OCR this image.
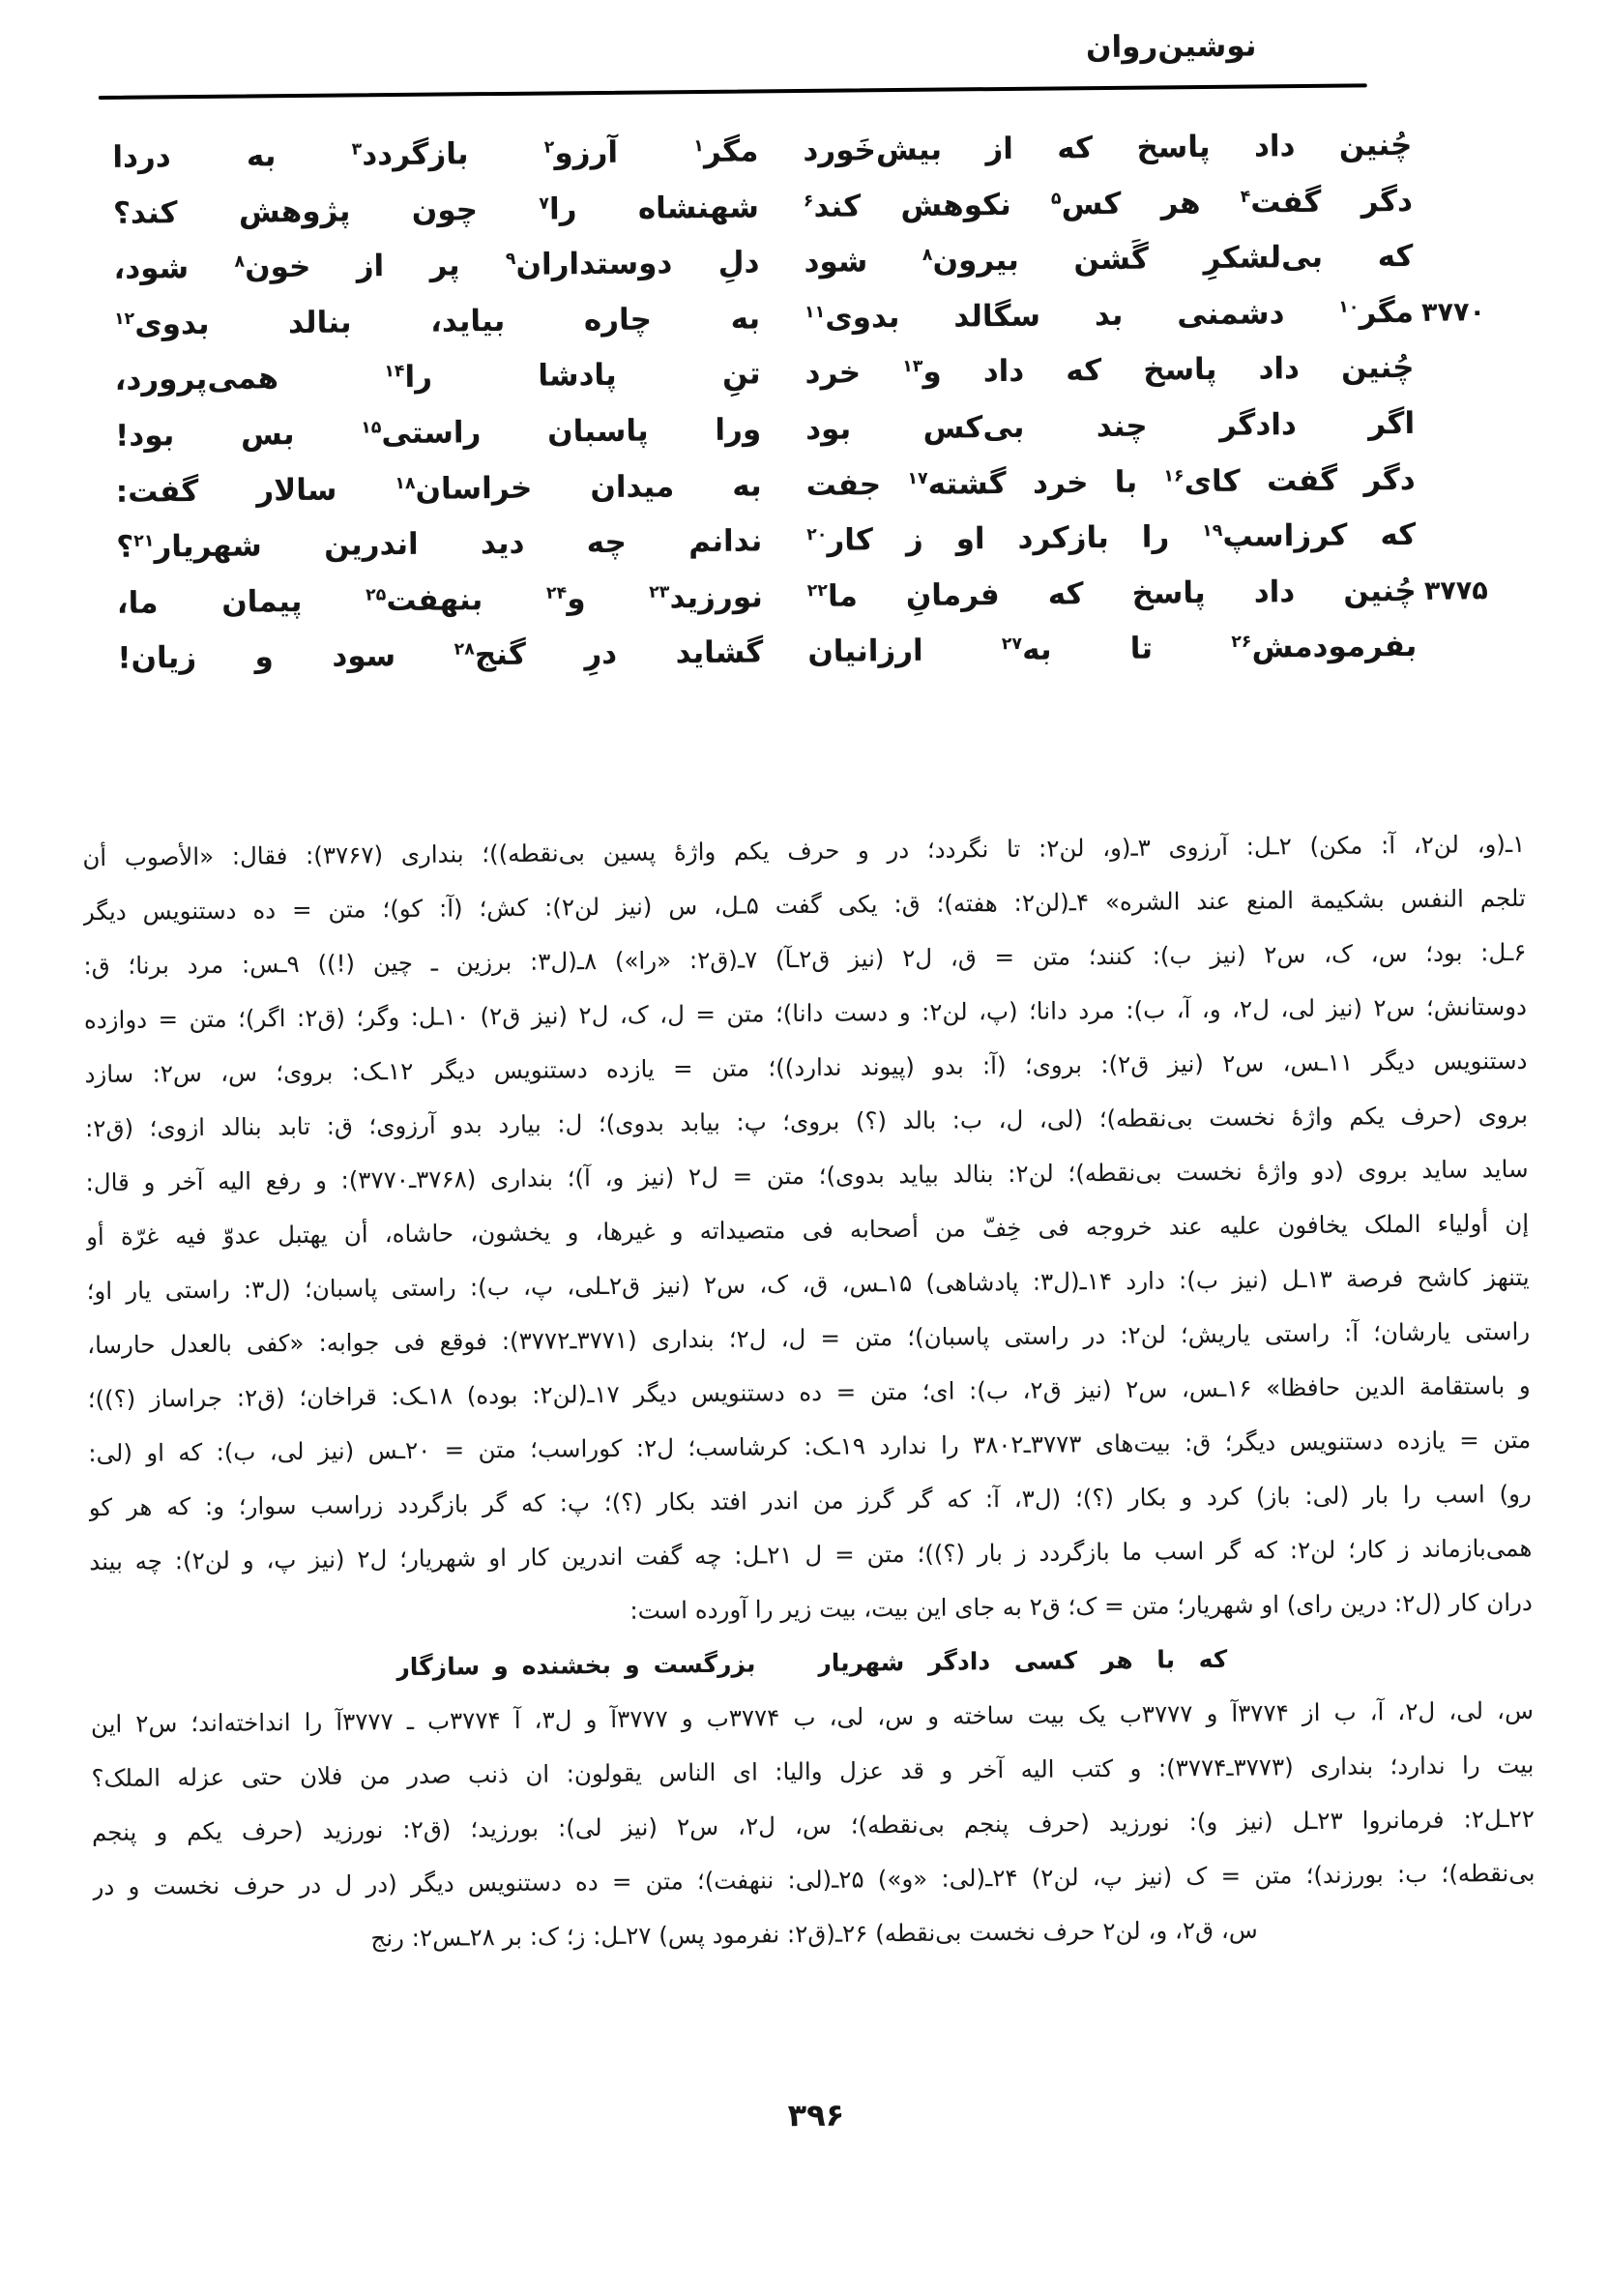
نوشین‌روان
چُنین داد پاسخ که از بیش‌خَورد
مگر$^۱$ آرزو$^۲$ بازگردد$^۳$ به دردا
دگر گفت$^۴$ هر کس$^۵$ نکوهش کند$^۶$
شهنشاه را$^۷$ چون پژوهش کند؟
که بی‌لشکرِ گَشن بیرون$^۸$ شود
دلِ دوستداران$^۹$ پر از خون$^۸$ شود،
۳۷۷۰
مگر$^{۱۰}$ دشمنی بد سگالد بدوی$^{۱۱}$
به چاره بیاید، بنالد بدوی$^{۱۲}$
چُنین داد پاسخ که داد و$^{۱۳}$ خرد
تنِ پادشا را$^{۱۴}$ همی‌پرورد،
اگر دادگر چند بی‌کس بود
ورا پاسبان راستی$^{۱۵}$ بس بود!
دگر گفت کای$^{۱۶}$ با خرد گشته$^{۱۷}$ جفت
به میدان خراسان$^{۱۸}$ سالار گفت:
که کرزاسپ$^{۱۹}$ را بازکرد او ز کار$^{۲۰}$
ندانم چه دید اندرین شهریار$^{۲۱}$؟
۳۷۷۵
چُنین داد پاسخ که فرمانِ ما$^{۲۲}$
نورزید$^{۲۳}$ و$^{۲۴}$ بنهفت$^{۲۵}$ پیمان ما،
بفرمودمش$^{۲۶}$ تا به$^{۲۷}$ ارزانیان
گشاید درِ گنج$^{۲۸}$ سود و زیان!
۱ـ(و، لن۲، آ: مکن) ۲ـل: آرزوی ۳ـ(و، لن۲: تا نگردد؛ در و حرف یکم واژهٔ پسین بی‌نقطه))؛ بنداری (۳۷۶۷): فقال: «الأصوب أن
تلجم النفس بشکیمة المنع عند الشره» ۴ـ(لن۲: هفته)؛ ق: یکی گفت ۵ـل، س (نیز لن۲): کش؛ (آ: کو)؛ متن = ده دستنویس دیگر
۶ـل: بود؛ س، ک، س۲ (نیز ب): کنند؛ متن = ق، ل۲ (نیز ق۲ـآ) ۷ـ(ق۲: «را») ۸ـ(ل۳: برزین ـ چین (!)) ۹ـس: مرد برنا؛ ق:
دوستانش؛ س۲ (نیز لی، ل۲، و، آ، ب): مرد دانا؛ (پ، لن۲: و دست دانا)؛ متن = ل، ک، ل۲ (نیز ق۲) ۱۰ـل: وگر؛ (ق۲: اگر)؛ متن = دوازده
دستنویس دیگر ۱۱ـس، س۲ (نیز ق۲): بروی؛ (آ: بدو (پیوند ندارد))؛ متن = یازده دستنویس دیگر ۱۲ـک: بروی؛ س، س۲: سازد
بروی (حرف یکم واژهٔ نخست بی‌نقطه)؛ (لی، ل، ب: بالد (؟) بروی؛ پ: بیابد بدوی)؛ ل: بیارد بدو آرزوی؛ ق: تابد بنالد ازوی؛ (ق۲:
ساید ساید بروی (دو واژهٔ نخست بی‌نقطه)؛ لن۲: بنالد بیاید بدوی)؛ متن = ل۲ (نیز و، آ)؛ بنداری (۳۷۶۸ـ۳۷۷۰): و رفع الیه آخر و قال:
إن أولیاء الملک یخافون علیه عند خروجه فی خِفّ من أصحابه فی متصیداته و غیرها، و یخشون، حاشاه، أن یهتبل عدوّ فیه غرّة أو
یتنهز کاشح فرصة ۱۳ـل (نیز ب): دارد ۱۴ـ(ل۳: پادشاهی) ۱۵ـس، ق، ک، س۲ (نیز ق۲ـلی، پ، ب): راستی پاسبان؛ (ل۳: راستی یار او؛
راستی یارشان؛ آ: راستی یاریش؛ لن۲: در راستی پاسبان)؛ متن = ل، ل۲؛ بنداری (۳۷۷۱ـ۳۷۷۲): فوقع فی جوابه: «کفی بالعدل حارسا،
و باستقامة الدین حافظا» ۱۶ـس، س۲ (نیز ق۲، ب): ای؛ متن = ده دستنویس دیگر ۱۷ـ(لن۲: بوده) ۱۸ـک: قراخان؛ (ق۲: جراساز (؟))؛
متن = یازده دستنویس دیگر؛ ق: بیت‌های ۳۷۷۳ـ۳۸۰۲ را ندارد ۱۹ـک: کرشاسب؛ ل۲: کوراسب؛ متن = ۲۰ـس (نیز لی، ب): که او (لی:
رو) اسب را بار (لی: باز) کرد و بکار (؟)؛ (ل۳، آ: که گر گرز من اندر افتد بکار (؟)؛ پ: که گر بازگردد زراسب سوار؛ و: که هر کو
همی‌بازماند ز کار؛ لن۲: که گر اسب ما بازگردد ز بار (؟))؛ متن = ل ۲۱ـل: چه گفت اندرین کار او شهریار؛ ل۲ (نیز پ، و لن۲): چه بیند
دران کار (ل۲: درین رای) او شهریار؛ متن = ک؛ ق۲ به جای این بیت، بیت زیر را آورده است:
که با هر کسی دادگر شهریار
بزرگست و بخشنده و سازگار
س، لی، ل۲، آ، ب از ۳۷۷۴آ و ۳۷۷۷ب یک بیت ساخته و س، لی، ب ۳۷۷۴ب و ۳۷۷۷آ و ل۳، آ ۳۷۷۴ب ـ ۳۷۷۷آ را انداخته‌اند؛ س۲ این
بیت را ندارد؛ بنداری (۳۷۷۳ـ۳۷۷۴): و کتب الیه آخر و قد عزل والیا: ای الناس یقولون: ان ذنب صدر من فلان حتی عزله الملک؟
۲۲ـل۲: فرمانروا ۲۳ـل (نیز و): نورزید (حرف پنجم بی‌نقطه)؛ س، ل۲، س۲ (نیز لی): بورزید؛ (ق۲: نورزید (حرف یکم و پنجم
بی‌نقطه)؛ ب: بورزند)؛ متن = ک (نیز پ، لن۲) ۲۴ـ(لی: «و») ۲۵ـ(لی: ننهفت)؛ متن = ده دستنویس دیگر (در ل در حرف نخست و در
س، ق۲، و، لن۲ حرف نخست بی‌نقطه) ۲۶ـ(ق۲: نفرمود پس) ۲۷ـل: ز؛ ک: بر ۲۸ـس۲: رنج
۳۹۶
